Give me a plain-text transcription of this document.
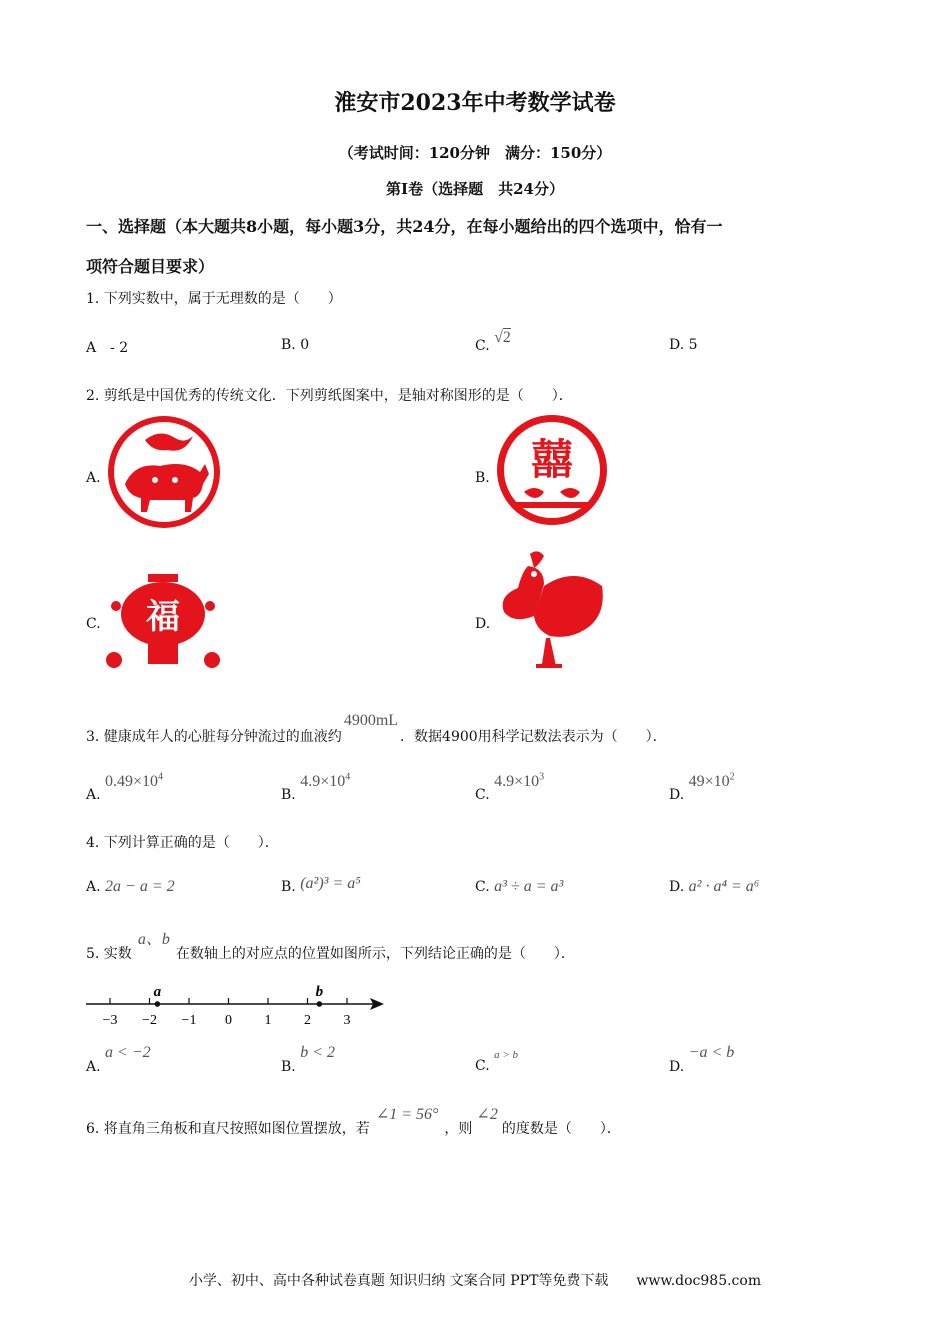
淮安市2023年中考数学试卷
（考试时间：120分钟　满分：150分）
第Ⅰ卷（选择题　共24分）
一、选择题（本大题共8小题，每小题3分，共24分，在每小题给出的四个选项中，恰有一
项符合题目要求）
1. 下列实数中，属于无理数的是（　　）
A　- 2	B. 0	C. √2	D. 5
2. 剪纸是中国优秀的传统文化．下列剪纸图案中，是轴对称图形的是（　　）．
A.	B. 囍
C. 福	D.
3. 健康成年人的心脏每分钟流过的血液约4900mL．数据4900用科学记数法表示为（　　）．
A. $0.49\times 10^4$
B. $4.9\times 10^4$
C. $4.9\times 10^3$
D. $49\times 10^2$
4. 下列计算正确的是（　　）．
A. 2a − a = 2	B. (a²)³ = a⁵	C. a³ ÷ a = a³	D. a² · a⁴ = a⁶
5. 实数a、b在数轴上的对应点的位置如图所示，下列结论正确的是（　　）．
−3 −2 −1 0 1 2 3
a	b
A. a < −2
B. b < 2
C. $^{a > b}$
D. −a < b
6. 将直角三角板和直尺按照如图位置摆放，若∠1 = 56°，则∠2的度数是（　　）．
小学、初中、高中各种试卷真题 知识归纳 文案合同 PPT等免费下载　　www.doc985.com
